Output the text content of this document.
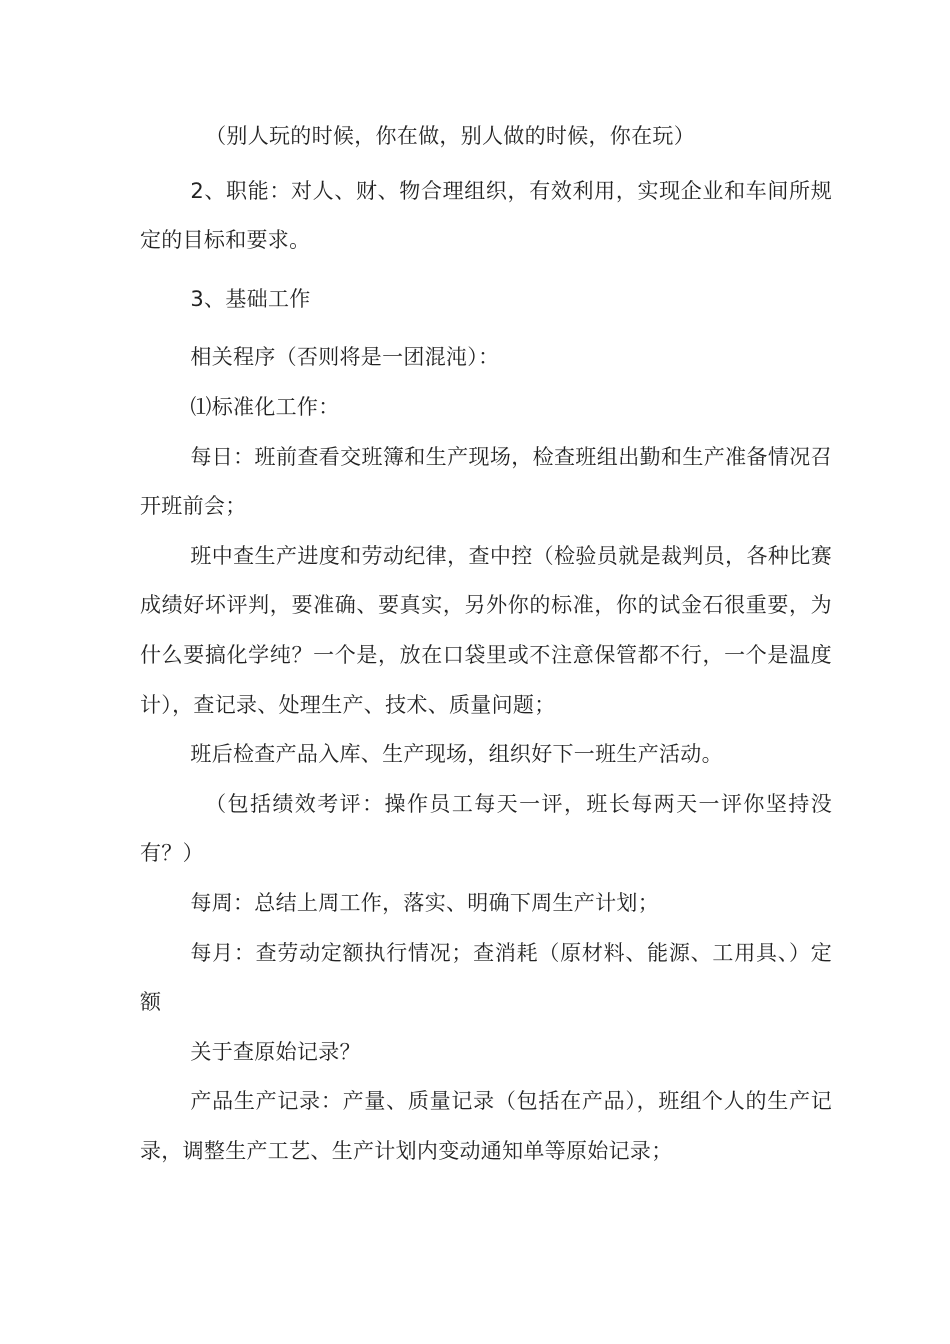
（别人玩的时候，你在做，别人做的时候，你在玩）

2、职能：对人、财、物合理组织，有效利用，实现企业和车间所规定的目标和要求。

3、基础工作

相关程序（否则将是一团混沌）：

⑴标准化工作：

每日：班前查看交班簿和生产现场，检查班组出勤和生产准备情况召开班前会；

班中查生产进度和劳动纪律，查中控（检验员就是裁判员，各种比赛成绩好坏评判，要准确、要真实，另外你的标准，你的试金石很重要，为什么要搞化学纯？一个是，放在口袋里或不注意保管都不行，一个是温度计），查记录、处理生产、技术、质量问题；

班后检查产品入库、生产现场，组织好下一班生产活动。

（包括绩效考评：操作员工每天一评，班长每两天一评你坚持没有？）

每周：总结上周工作，落实、明确下周生产计划；

每月：查劳动定额执行情况；查消耗（原材料、能源、工用具、）定额

关于查原始记录？

产品生产记录：产量、质量记录（包括在产品），班组个人的生产记录，调整生产工艺、生产计划内变动通知单等原始记录；
